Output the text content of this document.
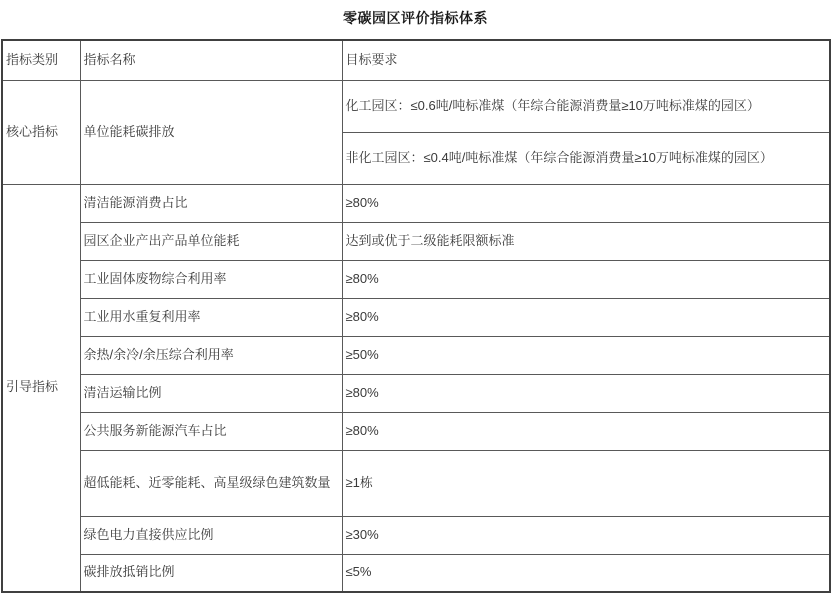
零碳园区评价指标体系
指标类别	指标名称	目标要求
核心指标	单位能耗碳排放	化工园区：≤0.6吨/吨标准煤（年综合能源消费量≥10万吨标准煤的园区）
		非化工园区：≤0.4吨/吨标准煤（年综合能源消费量≥10万吨标准煤的园区）
引导指标	清洁能源消费占比	≥80%
	园区企业产出产品单位能耗	达到或优于二级能耗限额标准
	工业固体废物综合利用率	≥80%
	工业用水重复利用率	≥80%
	余热/余冷/余压综合利用率	≥50%
	清洁运输比例	≥80%
	公共服务新能源汽车占比	≥80%
	超低能耗、近零能耗、高星级绿色建筑数量	≥1栋
	绿色电力直接供应比例	≥30%
	碳排放抵销比例	≤5%
